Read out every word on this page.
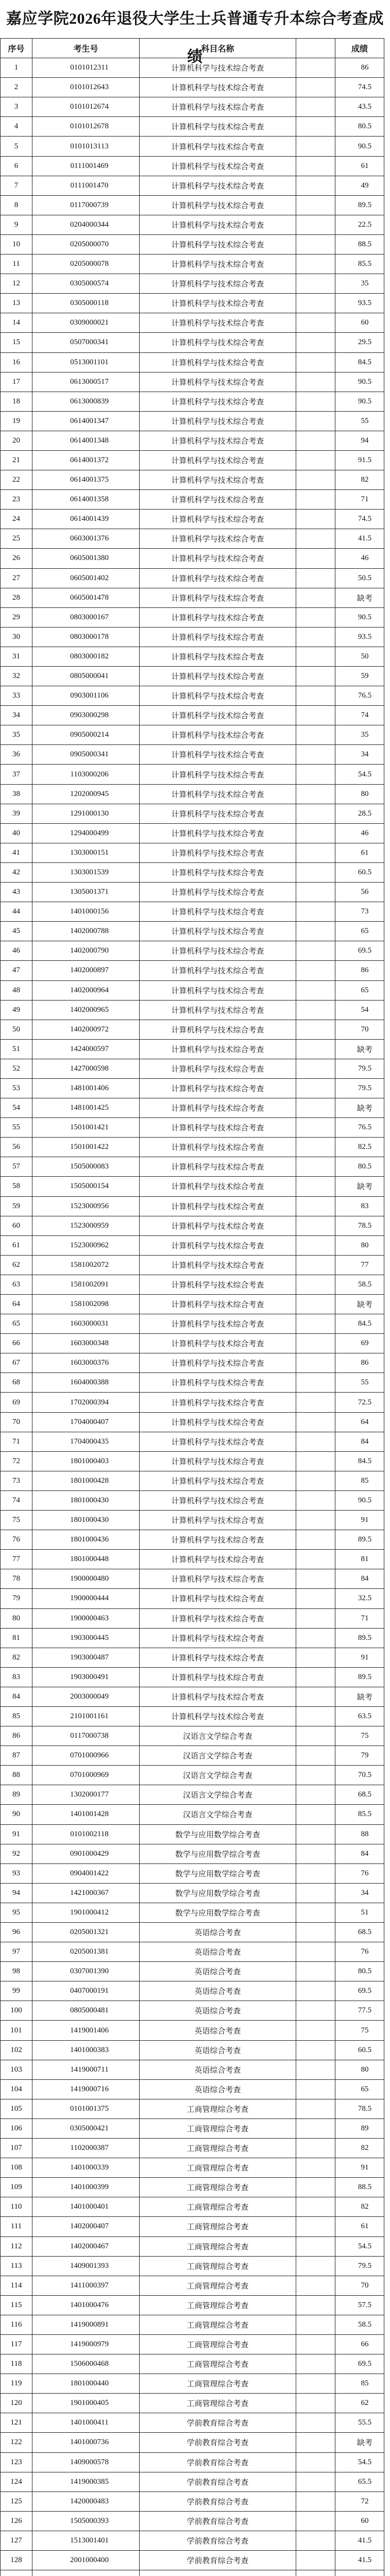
嘉应学院2026年退役大学生士兵普通专升本综合考查成绩
序号	考生号	科目名称		成绩
1	0101012311	计算机科学与技术综合考查		86
2	0101012643	计算机科学与技术综合考查		74.5
3	0101012674	计算机科学与技术综合考查		43.5
4	0101012678	计算机科学与技术综合考查		80.5
5	0101013113	计算机科学与技术综合考查		90.5
6	0111001469	计算机科学与技术综合考查		61
7	0111001470	计算机科学与技术综合考查		49
8	0117000739	计算机科学与技术综合考查		89.5
9	0204000344	计算机科学与技术综合考查		22.5
10	0205000070	计算机科学与技术综合考查		88.5
11	0205000078	计算机科学与技术综合考查		85.5
12	0305000574	计算机科学与技术综合考查		35
13	0305000118	计算机科学与技术综合考查		93.5
14	0309000021	计算机科学与技术综合考查		60
15	0507000341	计算机科学与技术综合考查		29.5
16	0513001101	计算机科学与技术综合考查		84.5
17	0613000517	计算机科学与技术综合考查		90.5
18	0613000839	计算机科学与技术综合考查		90.5
19	0614001347	计算机科学与技术综合考查		55
20	0614001348	计算机科学与技术综合考查		94
21	0614001372	计算机科学与技术综合考查		91.5
22	0614001375	计算机科学与技术综合考查		82
23	0614001358	计算机科学与技术综合考查		71
24	0614001439	计算机科学与技术综合考查		74.5
25	0603001376	计算机科学与技术综合考查		41.5
26	0605001380	计算机科学与技术综合考查		46
27	0605001402	计算机科学与技术综合考查		50.5
28	0605001478	计算机科学与技术综合考查		缺考
29	0803000167	计算机科学与技术综合考查		90.5
30	0803000178	计算机科学与技术综合考查		93.5
31	0803000182	计算机科学与技术综合考查		50
32	0805000041	计算机科学与技术综合考查		59
33	0903001106	计算机科学与技术综合考查		76.5
34	0903000298	计算机科学与技术综合考查		74
35	0905000214	计算机科学与技术综合考查		35
36	0905000341	计算机科学与技术综合考查		34
37	1103000206	计算机科学与技术综合考查		54.5
38	1202000945	计算机科学与技术综合考查		80
39	1291000130	计算机科学与技术综合考查		28.5
40	1294000499	计算机科学与技术综合考查		46
41	1303000151	计算机科学与技术综合考查		61
42	1303001539	计算机科学与技术综合考查		60.5
43	1305001371	计算机科学与技术综合考查		56
44	1401000156	计算机科学与技术综合考查		73
45	1402000788	计算机科学与技术综合考查		65
46	1402000790	计算机科学与技术综合考查		69.5
47	1402000897	计算机科学与技术综合考查		86
48	1402000964	计算机科学与技术综合考查		65
49	1402000965	计算机科学与技术综合考查		54
50	1402000972	计算机科学与技术综合考查		70
51	1424000597	计算机科学与技术综合考查		缺考
52	1427000598	计算机科学与技术综合考查		79.5
53	1481001406	计算机科学与技术综合考查		79.5
54	1481001425	计算机科学与技术综合考查		缺考
55	1501001421	计算机科学与技术综合考查		76.5
56	1501001422	计算机科学与技术综合考查		82.5
57	1505000083	计算机科学与技术综合考查		80.5
58	1505000154	计算机科学与技术综合考查		缺考
59	1523000956	计算机科学与技术综合考查		83
60	1523000959	计算机科学与技术综合考查		78.5
61	1523000962	计算机科学与技术综合考查		80
62	1581002072	计算机科学与技术综合考查		77
63	1581002091	计算机科学与技术综合考查		58.5
64	1581002098	计算机科学与技术综合考查		缺考
65	1603000031	计算机科学与技术综合考查		84.5
66	1603000348	计算机科学与技术综合考查		69
67	1603000376	计算机科学与技术综合考查		86
68	1604000388	计算机科学与技术综合考查		55
69	1702000394	计算机科学与技术综合考查		72.5
70	1704000407	计算机科学与技术综合考查		64
71	1704000435	计算机科学与技术综合考查		84
72	1801000403	计算机科学与技术综合考查		84.5
73	1801000428	计算机科学与技术综合考查		85
74	1801000430	计算机科学与技术综合考查		90.5
75	1801000430	计算机科学与技术综合考查		91
76	1801000436	计算机科学与技术综合考查		89.5
77	1801000448	计算机科学与技术综合考查		81
78	1900000480	计算机科学与技术综合考查		84
79	1900000444	计算机科学与技术综合考查		32.5
80	1900000463	计算机科学与技术综合考查		71
81	1903000445	计算机科学与技术综合考查		89.5
82	1903000487	计算机科学与技术综合考查		91
83	1903000491	计算机科学与技术综合考查		89.5
84	2003000049	计算机科学与技术综合考查		缺考
85	2101001161	计算机科学与技术综合考查		63.5
86	0117000738	汉语言文学综合考查		75
87	0701000966	汉语言文学综合考查		79
88	0701000969	汉语言文学综合考查		70.5
89	1302000177	汉语言文学综合考查		68.5
90	1401001428	汉语言文学综合考查		85.5
91	0101002118	数学与应用数学综合考查		88
92	0901000429	数学与应用数学综合考查		84
93	0904001422	数学与应用数学综合考查		76
94	1421000367	数学与应用数学综合考查		34
95	1901000412	数学与应用数学综合考查		51
96	0205001321	英语综合考查		68.5
97	0205001381	英语综合考查		76
98	0307001390	英语综合考查		80.5
99	0407000191	英语综合考查		69.5
100	0805000481	英语综合考查		77.5
101	1419001406	英语综合考查		75
102	1401000383	英语综合考查		60.5
103	1419000711	英语综合考查		80
104	1419000716	英语综合考查		65
105	0101001375	工商管理综合考查		78.5
106	0305000421	工商管理综合考查		89
107	1102000387	工商管理综合考查		82
108	1401000339	工商管理综合考查		91
109	1401000399	工商管理综合考查		88.5
110	1401000401	工商管理综合考查		82
111	1402000407	工商管理综合考查		61
112	1402000467	工商管理综合考查		54.5
113	1409001393	工商管理综合考查		79.5
114	1411000397	工商管理综合考查		70
115	1401000476	工商管理综合考查		57.5
116	1419000891	工商管理综合考查		58.5
117	1419000979	工商管理综合考查		66
118	1506000468	工商管理综合考查		69.5
119	1801000440	工商管理综合考查		85
120	1901000405	工商管理综合考查		62
121	1401000411	学前教育综合考查		55.5
122	1401000736	学前教育综合考查		缺考
123	1409000578	学前教育综合考查		54.5
124	1419000385	学前教育综合考查		65.5
125	1420000483	学前教育综合考查		72
126	1505000393	学前教育综合考查		60
127	1513001401	学前教育综合考查		41.5
128	2001000400	学前教育综合考查		41.5
